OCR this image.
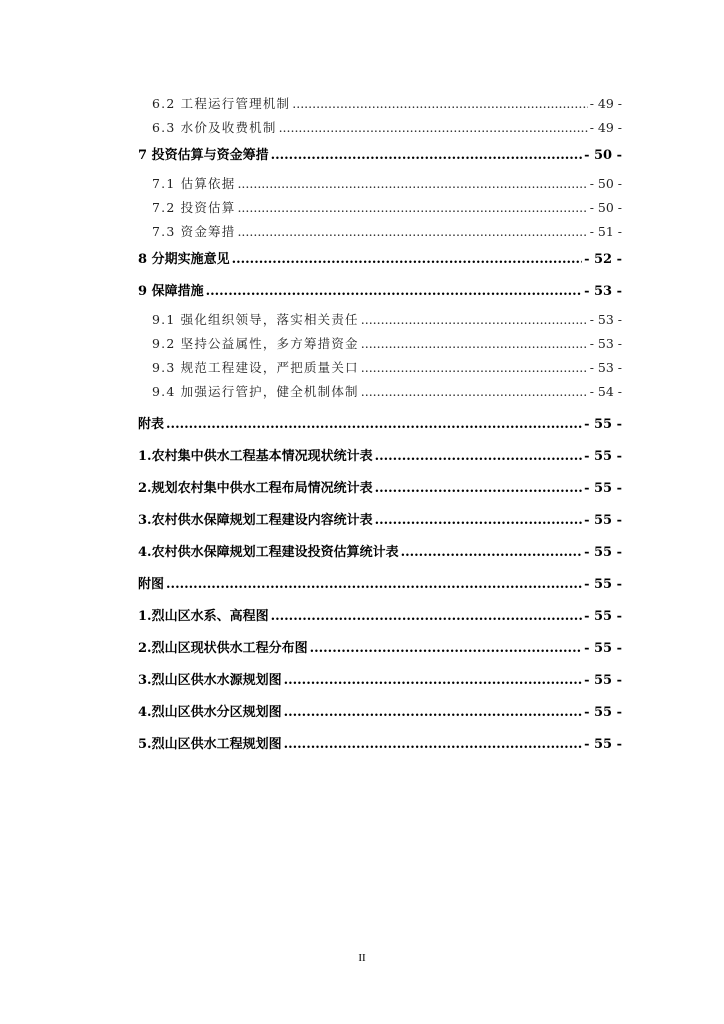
6.2 工程运行管理机制 .....	- 49 -
6.3 水价及收费机制 .....	- 49 -
7 投资估算与资金筹措 .....	- 50 -
7.1 估算依据 .....	- 50 -
7.2 投资估算 .....	- 50 -
7.3 资金筹措 .....	- 51 -
8 分期实施意见 .....	- 52 -
9 保障措施 .....	- 53 -
9.1 强化组织领导，落实相关责任 .....	- 53 -
9.2 坚持公益属性，多方筹措资金 .....	- 53 -
9.3 规范工程建设，严把质量关口 .....	- 53 -
9.4 加强运行管护，健全机制体制 .....	- 54 -
附表 .....	- 55 -
1.农村集中供水工程基本情况现状统计表 .....	- 55 -
2.规划农村集中供水工程布局情况统计表 .....	- 55 -
3.农村供水保障规划工程建设内容统计表 .....	- 55 -
4.农村供水保障规划工程建设投资估算统计表 .....	- 55 -
附图 .....	- 55 -
1.烈山区水系、高程图 .....	- 55 -
2.烈山区现状供水工程分布图 .....	- 55 -
3.烈山区供水水源规划图 .....	- 55 -
4.烈山区供水分区规划图 .....	- 55 -
5.烈山区供水工程规划图 .....	- 55 -
II
